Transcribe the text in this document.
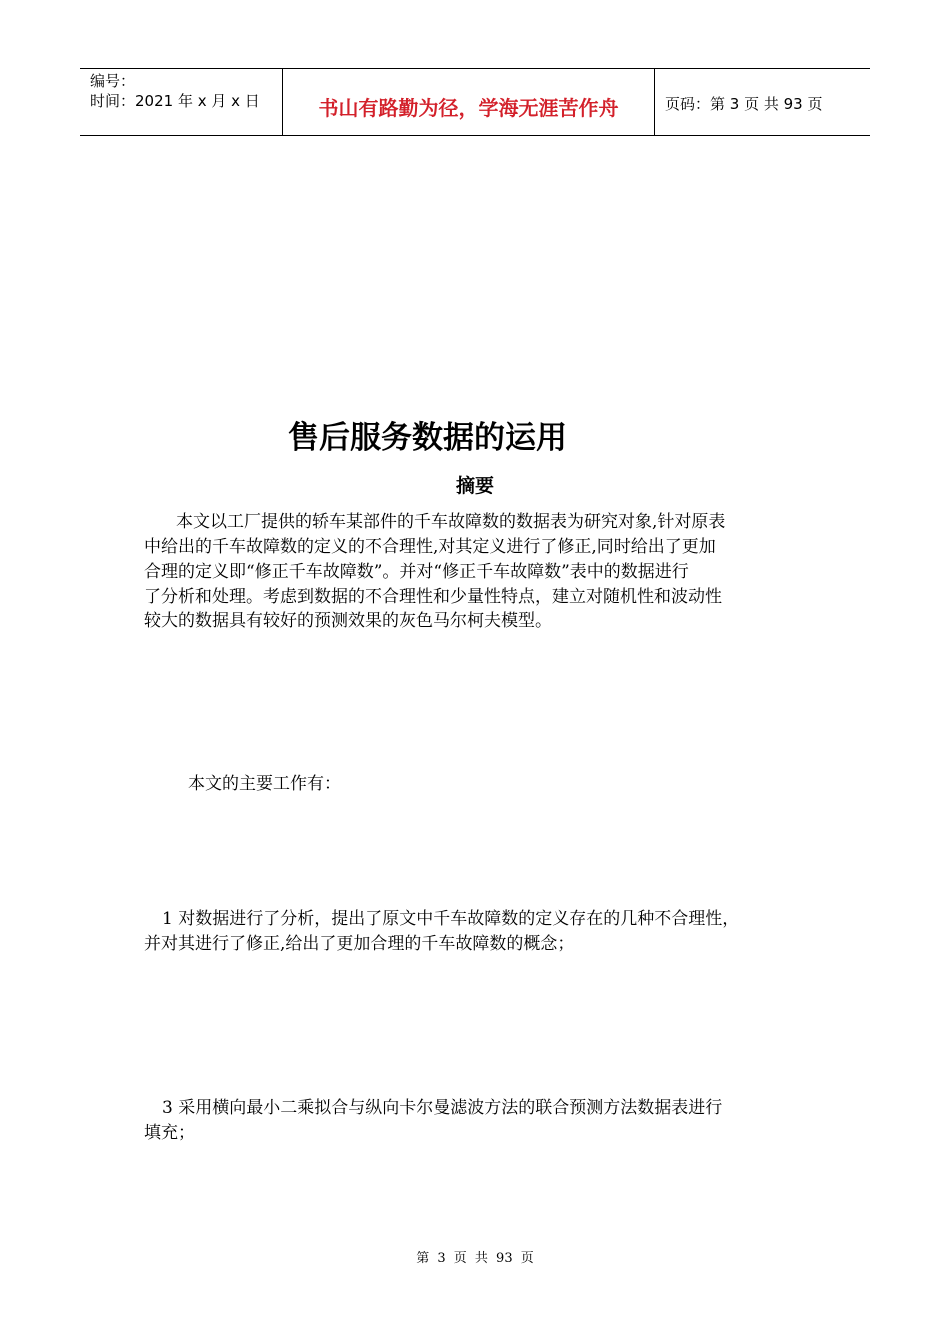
编号：
时间：2021 年 x 月 x 日	书山有路勤为径，学海无涯苦作舟	页码：第 3 页 共 93 页
售后服务数据的运用
摘要
本文以工厂提供的轿车某部件的千车故障数的数据表为研究对象,针对原表
中给出的千车故障数的定义的不合理性,对其定义进行了修正,同时给出了更加
合理的定义即“修正千车故障数”。并对“修正千车故障数”表中的数据进行
了分析和处理。考虑到数据的不合理性和少量性特点，建立对随机性和波动性
较大的数据具有较好的预测效果的灰色马尔柯夫模型。
本文的主要工作有：
1 对数据进行了分析，提出了原文中千车故障数的定义存在的几种不合理性，
并对其进行了修正,给出了更加合理的千车故障数的概念；
3 采用横向最小二乘拟合与纵向卡尔曼滤波方法的联合预测方法数据表进行
填充；
第 3 页 共 93 页
